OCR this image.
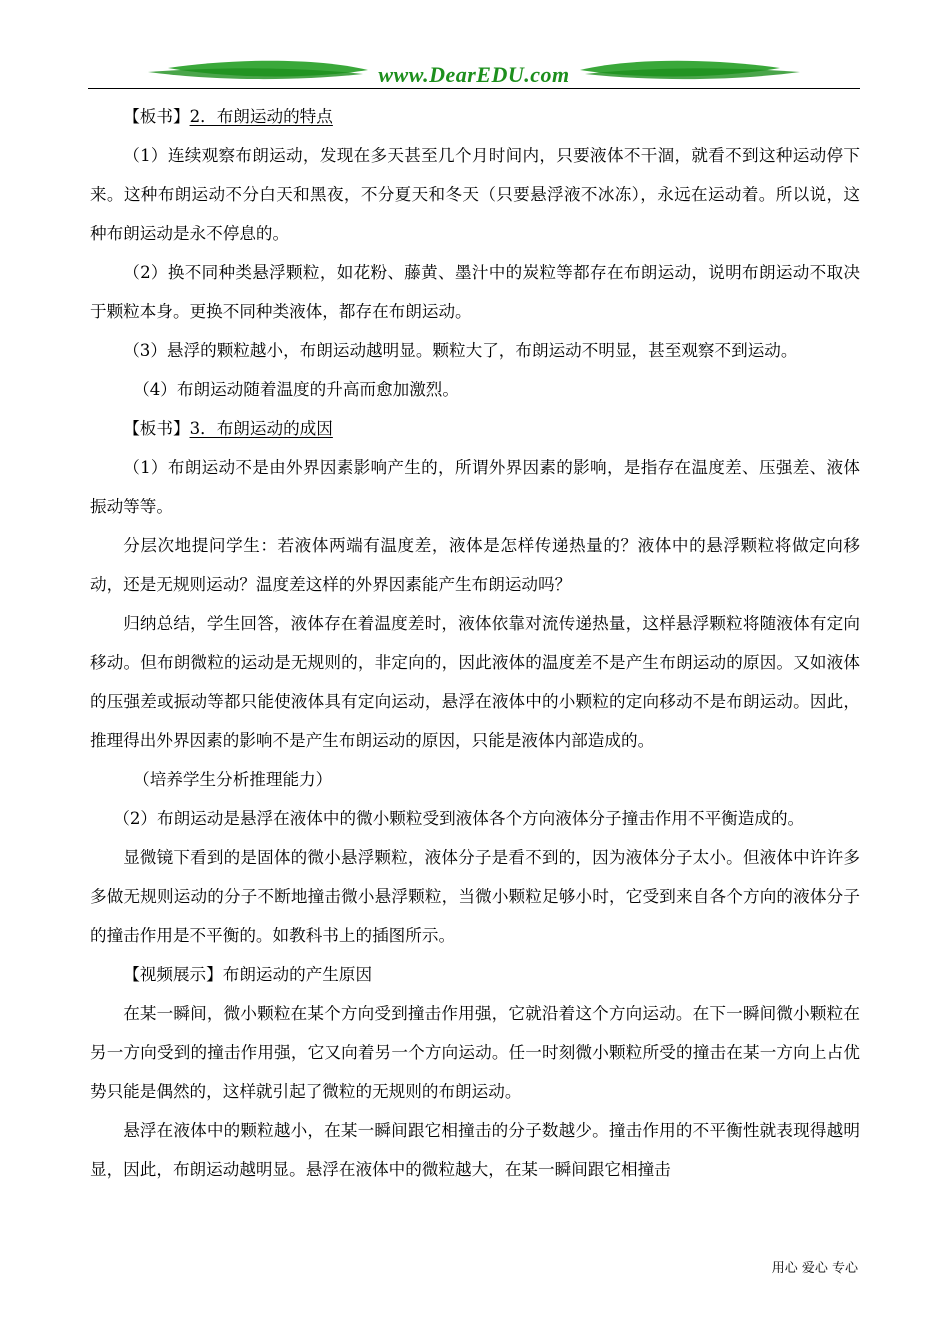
www.DearEDU.com

【板书】2．布朗运动的特点

（1）连续观察布朗运动，发现在多天甚至几个月时间内，只要液体不干涸，就看不到这种运动停下来。这种布朗运动不分白天和黑夜，不分夏天和冬天（只要悬浮液不冰冻），永远在运动着。所以说，这种布朗运动是永不停息的。

（2）换不同种类悬浮颗粒，如花粉、藤黄、墨汁中的炭粒等都存在布朗运动，说明布朗运动不取决于颗粒本身。更换不同种类液体，都存在布朗运动。

（3）悬浮的颗粒越小，布朗运动越明显。颗粒大了，布朗运动不明显，甚至观察不到运动。

（4）布朗运动随着温度的升高而愈加激烈。

【板书】3．布朗运动的成因

（1）布朗运动不是由外界因素影响产生的，所谓外界因素的影响，是指存在温度差、压强差、液体振动等等。

分层次地提问学生：若液体两端有温度差，液体是怎样传递热量的？液体中的悬浮颗粒将做定向移动，还是无规则运动？温度差这样的外界因素能产生布朗运动吗？

归纳总结，学生回答，液体存在着温度差时，液体依靠对流传递热量，这样悬浮颗粒将随液体有定向移动。但布朗微粒的运动是无规则的，非定向的，因此液体的温度差不是产生布朗运动的原因。又如液体的压强差或振动等都只能使液体具有定向运动，悬浮在液体中的小颗粒的定向移动不是布朗运动。因此，推理得出外界因素的影响不是产生布朗运动的原因，只能是液体内部造成的。

（培养学生分析推理能力）

（2）布朗运动是悬浮在液体中的微小颗粒受到液体各个方向液体分子撞击作用不平衡造成的。

显微镜下看到的是固体的微小悬浮颗粒，液体分子是看不到的，因为液体分子太小。但液体中许许多多做无规则运动的分子不断地撞击微小悬浮颗粒，当微小颗粒足够小时，它受到来自各个方向的液体分子的撞击作用是不平衡的。如教科书上的插图所示。

【视频展示】布朗运动的产生原因

在某一瞬间，微小颗粒在某个方向受到撞击作用强，它就沿着这个方向运动。在下一瞬间微小颗粒在另一方向受到的撞击作用强，它又向着另一个方向运动。任一时刻微小颗粒所受的撞击在某一方向上占优势只能是偶然的，这样就引起了微粒的无规则的布朗运动。

悬浮在液体中的颗粒越小，在某一瞬间跟它相撞击的分子数越少。撞击作用的不平衡性就表现得越明显，因此，布朗运动越明显。悬浮在液体中的微粒越大，在某一瞬间跟它相撞击

用心 爱心 专心
